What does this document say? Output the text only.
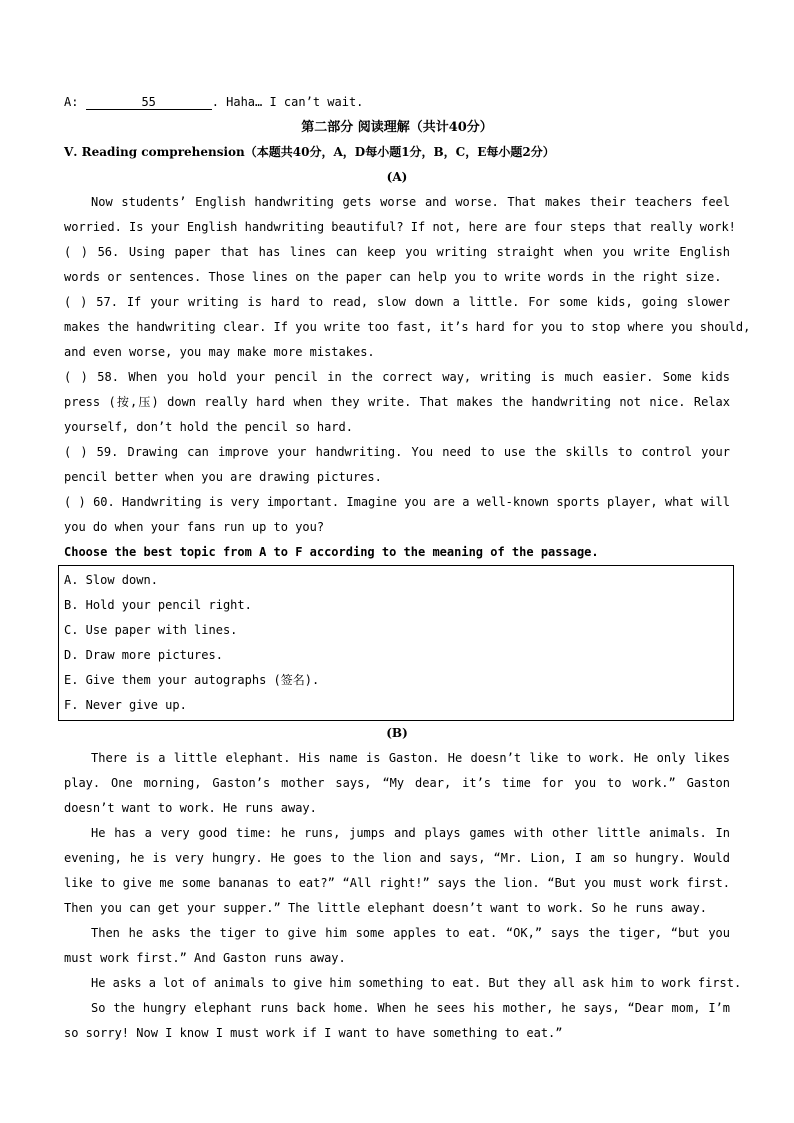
A:	55	. Haha… I can’t wait.
第二部分 阅读理解（共计40分）
Ⅴ. Reading comprehension（本题共40分，A，D每小题1分，B，C，E每小题2分）
(A)
Now students’ English handwriting gets worse and worse. That makes their teachers feel
worried. Is your English handwriting beautiful? If not, here are four steps that really work!
( ) 56. Using paper that has lines can keep you writing straight when you write English
words or sentences. Those lines on the paper can help you to write words in the right size.
( ) 57. If your writing is hard to read, slow down a little. For some kids, going slower
makes the handwriting clear. If you write too fast, it’s hard for you to stop where you should,
and even worse, you may make more mistakes.
( ) 58. When you hold your pencil in the correct way, writing is much easier. Some kids
press (按,压) down really hard when they write. That makes the handwriting not nice. Relax
yourself, don’t hold the pencil so hard.
( ) 59. Drawing can improve your handwriting. You need to use the skills to control your
pencil better when you are drawing pictures.
( ) 60. Handwriting is very important. Imagine you are a well-known sports player, what will
you do when your fans run up to you?
Choose the best topic from A to F according to the meaning of the passage.
A. Slow down.
B. Hold your pencil right.
C. Use paper with lines.
D. Draw more pictures.
E. Give them your autographs (签名).
F. Never give up.
(B)
There is a little elephant. His name is Gaston. He doesn’t like to work. He only likes
play. One morning, Gaston’s mother says, “My dear, it’s time for you to work.” Gaston
doesn’t want to work. He runs away.
He has a very good time: he runs, jumps and plays games with other little animals. In
evening, he is very hungry. He goes to the lion and says, “Mr. Lion, I am so hungry. Would
like to give me some bananas to eat?” “All right!” says the lion. “But you must work first.
Then you can get your supper.” The little elephant doesn’t want to work. So he runs away.
Then he asks the tiger to give him some apples to eat. “OK,” says the tiger, “but you
must work first.” And Gaston runs away.
He asks a lot of animals to give him something to eat. But they all ask him to work first.
So the hungry elephant runs back home. When he sees his mother, he says, “Dear mom, I’m
so sorry! Now I know I must work if I want to have something to eat.”
